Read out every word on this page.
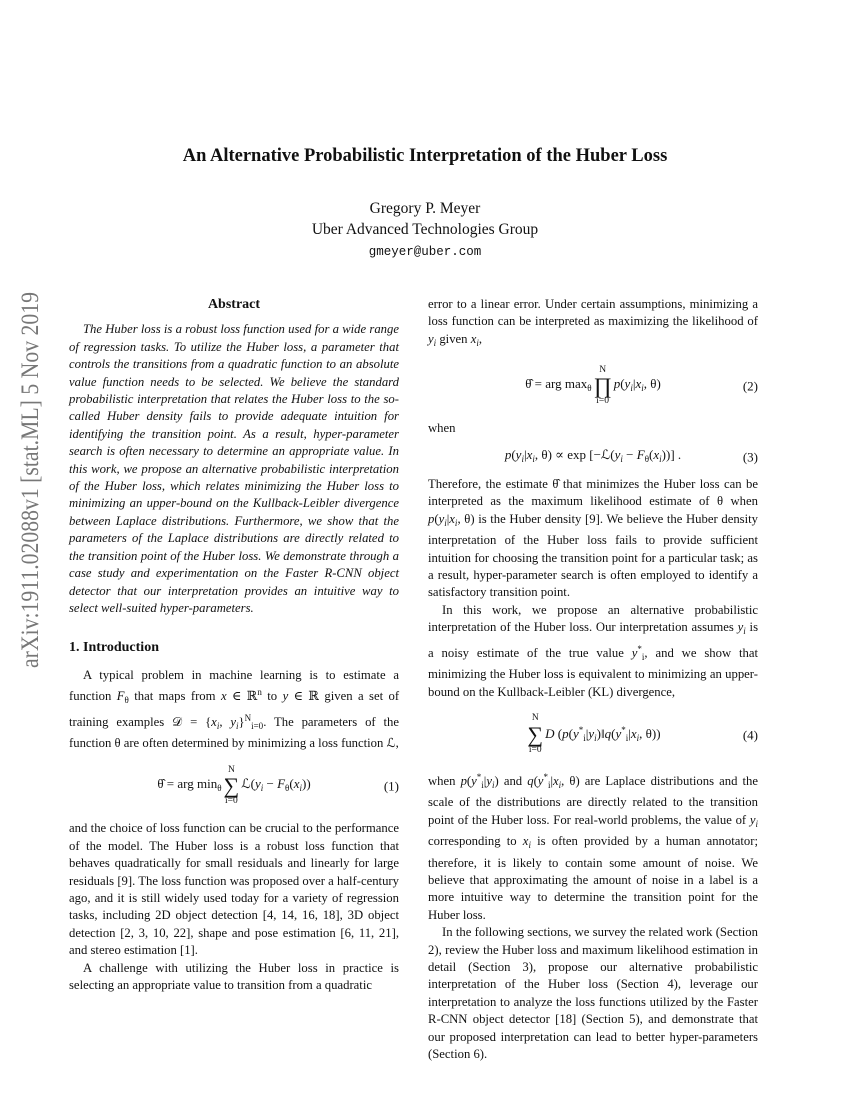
arXiv:1911.02088v1 [stat.ML] 5 Nov 2019
An Alternative Probabilistic Interpretation of the Huber Loss
Gregory P. Meyer
Uber Advanced Technologies Group
gmeyer@uber.com
Abstract

The Huber loss is a robust loss function used for a wide range of regression tasks. To utilize the Huber loss, a parameter that controls the transitions from a quadratic function to an absolute value function needs to be selected. We believe the standard probabilistic interpretation that relates the Huber loss to the so-called Huber density fails to provide adequate intuition for identifying the transition point. As a result, hyper-parameter search is often necessary to determine an appropriate value. In this work, we propose an alternative probabilistic interpretation of the Huber loss, which relates minimizing the Huber loss to minimizing an upper-bound on the Kullback-Leibler divergence between Laplace distributions. Furthermore, we show that the parameters of the Laplace distributions are directly related to the transition point of the Huber loss. We demonstrate through a case study and experimentation on the Faster R-CNN object detector that our interpretation provides an intuitive way to select well-suited hyper-parameters.

1. Introduction

A typical problem in machine learning is to estimate a function $F_\theta$ that maps from x ∈ ℝ$^n$ to y ∈ ℝ given a set of training examples 𝒟 = {$x_i$, $y_i\}^N_{i=0}$. The parameters of the function θ are often determined by minimizing a loss function ℒ,

θ̂ = arg $\min_\theta$
N
∑
i=0
$ℒ(y_i - F_\theta(x_i))$	(1)

and the choice of loss function can be crucial to the performance of the model. The Huber loss is a robust loss function that behaves quadratically for small residuals and linearly for large residuals [9]. The loss function was proposed over a half-century ago, and it is still widely used today for a variety of regression tasks, including 2D object detection [4, 14, 16, 18], 3D object detection [2, 3, 10, 22], shape and pose estimation [6, 11, 21], and stereo estimation [1].

A challenge with utilizing the Huber loss in practice is selecting an appropriate value to transition from a quadratic

error to a linear error. Under certain assumptions, minimizing a loss function can be interpreted as maximizing the likelihood of $y_i$ given $x_i$,

θ̂ = arg $\max_\theta$
N
∏
i=0
$p(y_i|x_i$, θ)	(2)

when

$p(y_i|x_i$, $\theta) \propto \exp [-ℒ(y_i - F_\theta(x_i))]$ .	(3)

Therefore, the estimate θ̂ that minimizes the Huber loss can be interpreted as the maximum likelihood estimate of θ when $p(y_i|x_i$, θ) is the Huber density [9]. We believe the Huber density interpretation of the Huber loss fails to provide sufficient intuition for choosing the transition point for a particular task; as a result, hyper-parameter search is often employed to identify a satisfactory transition point.

In this work, we propose an alternative probabilistic interpretation of the Huber loss. Our interpretation assumes $y_i$ is a noisy estimate of the true value $y^*_i$, and we show that minimizing the Huber loss is equivalent to minimizing an upper-bound on the Kullback-Leibler (KL) divergence,

N
∑
i=0
D ($p(y^*_i|y_i)‖q(y^*_i|x_i$, θ))	(4)

when $p(y^*_i|y_i)$ and $q(y^*_i|x_i$, θ) are Laplace distributions and the scale of the distributions are directly related to the transition point of the Huber loss. For real-world problems, the value of $y_i$ corresponding to $x_i$ is often provided by a human annotator; therefore, it is likely to contain some amount of noise. We believe that approximating the amount of noise in a label is a more intuitive way to determine the transition point for the Huber loss.

In the following sections, we survey the related work (Section 2), review the Huber loss and maximum likelihood estimation in detail (Section 3), propose our alternative probabilistic interpretation of the Huber loss (Section 4), leverage our interpretation to analyze the loss functions utilized by the Faster R-CNN object detector [18] (Section 5), and demonstrate that our proposed interpretation can lead to better hyper-parameters (Section 6).
